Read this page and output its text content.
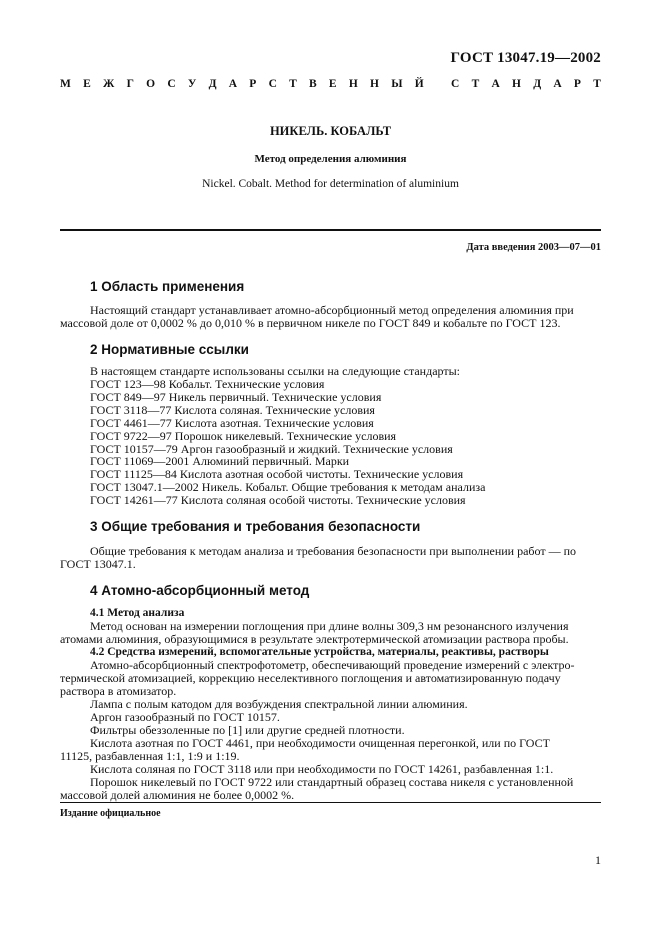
ГОСТ 13047.19—2002
М Е Ж Г О С У Д А Р С Т В Е Н Н Ы Й
С Т А Н Д А Р Т
НИКЕЛЬ. КОБАЛЬТ
Метод определения алюминия
Nickel. Cobalt. Method for determination of aluminium
Дата введения 2003—07—01
1 Область применения
Настоящий стандарт устанавливает атомно-абсорбционный метод определения алюминия при
массовой доле от 0,0002 % до 0,010 % в первичном никеле по ГОСТ 849 и кобальте по ГОСТ 123.
2 Нормативные ссылки
В настоящем стандарте использованы ссылки на следующие стандарты:
ГОСТ 123—98 Кобальт. Технические условия
ГОСТ 849—97 Никель первичный. Технические условия
ГОСТ 3118—77 Кислота соляная. Технические условия
ГОСТ 4461—77 Кислота азотная. Технические условия
ГОСТ 9722—97 Порошок никелевый. Технические условия
ГОСТ 10157—79 Аргон газообразный и жидкий. Технические условия
ГОСТ 11069—2001 Алюминий первичный. Марки
ГОСТ 11125—84 Кислота азотная особой чистоты. Технические условия
ГОСТ 13047.1—2002 Никель. Кобальт. Общие требования к методам анализа
ГОСТ 14261—77 Кислота соляная особой чистоты. Технические условия
3 Общие требования и требования безопасности
Общие требования к методам анализа и требования безопасности при выполнении работ — по
ГОСТ 13047.1.
4 Атомно-абсорбционный метод
4.1 Метод анализа
Метод основан на измерении поглощения при длине волны 309,3 нм резонансного излучения
атомами алюминия, образующимися в результате электротермической атомизации раствора пробы.
4.2 Средства измерений, вспомогательные устройства, материалы, реактивы, растворы
Атомно-абсорбционный спектрофотометр, обеспечивающий проведение измерений с электро-
термической атомизацией, коррекцию неселективного поглощения и автоматизированную подачу
раствора в атомизатор.
Лампа с полым катодом для возбуждения спектральной линии алюминия.
Аргон газообразный по ГОСТ 10157.
Фильтры обеззоленные по [1] или другие средней плотности.
Кислота азотная по ГОСТ 4461, при необходимости очищенная перегонкой, или по ГОСТ
11125, разбавленная 1:1, 1:9 и 1:19.
Кислота соляная по ГОСТ 3118 или при необходимости по ГОСТ 14261, разбавленная 1:1.
Порошок никелевый по ГОСТ 9722 или стандартный образец состава никеля с установленной
массовой долей алюминия не более 0,0002 %.
Издание официальное
1
